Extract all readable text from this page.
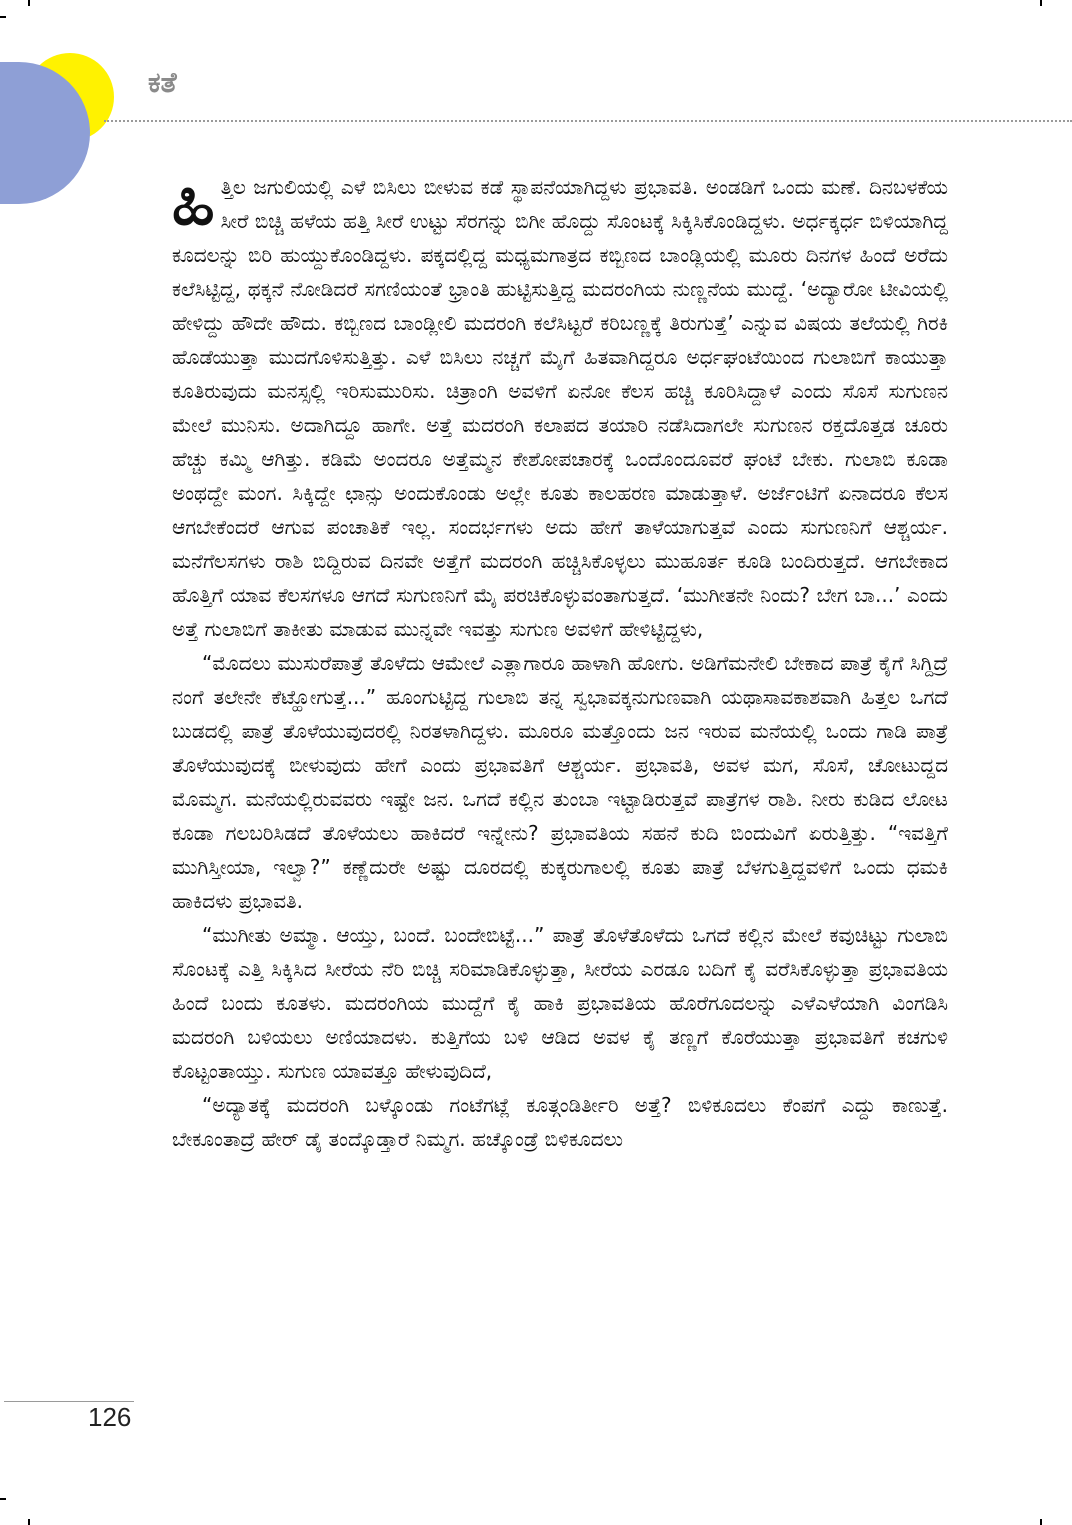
ಕತೆ

ಹಿತ್ತಿಲ ಜಗುಲಿಯಲ್ಲಿ ಎಳೆ ಬಿಸಿಲು ಬೀಳುವ ಕಡೆ ಸ್ಥಾಪನೆಯಾಗಿದ್ದಳು ಪ್ರಭಾವತಿ. ಅಂಡಡಿಗೆ ಒಂದು ಮಣೆ. ದಿನಬಳಕೆಯ ಸೀರೆ ಬಿಚ್ಚಿ ಹಳೆಯ ಹತ್ತಿ ಸೀರೆ ಉಟ್ಟು ಸೆರಗನ್ನು ಬಿಗೀ ಹೊದ್ದು ಸೊಂಟಕ್ಕೆ ಸಿಕ್ಕಿಸಿಕೊಂಡಿದ್ದಳು. ಅರ್ಧಕ್ಕರ್ಧ ಬಿಳಿಯಾಗಿದ್ದ ಕೂದಲನ್ನು ಬಿರಿ ಹುಯ್ದುಕೊಂಡಿದ್ದಳು. ಪಕ್ಕದಲ್ಲಿದ್ದ ಮಧ್ಯಮಗಾತ್ರದ ಕಬ್ಬಿಣದ ಬಾಂಡ್ಲಿಯಲ್ಲಿ ಮೂರು ದಿನಗಳ ಹಿಂದೆ ಅರೆದು ಕಲೆಸಿಟ್ಟಿದ್ದ, ಥಕ್ಕನೆ ನೋಡಿದರೆ ಸಗಣಿಯಂತೆ ಭ್ರಾಂತಿ ಹುಟ್ಟಿಸುತ್ತಿದ್ದ ಮದರಂಗಿಯ ನುಣ್ಣನೆಯ ಮುದ್ದೆ. ‘ಅದ್ಯಾರೋ ಟೀವಿಯಲ್ಲಿ ಹೇಳಿದ್ದು ಹೌದೇ ಹೌದು. ಕಬ್ಬಿಣದ ಬಾಂಡ್ಲೀಲಿ ಮದರಂಗಿ ಕಲೆಸಿಟ್ಟರೆ ಕರಿಬಣ್ಣಕ್ಕೆ ತಿರುಗುತ್ತೆ’ ಎನ್ನುವ ವಿಷಯ ತಲೆಯಲ್ಲಿ ಗಿರಕಿ ಹೊಡೆಯುತ್ತಾ ಮುದಗೊಳಿಸುತ್ತಿತ್ತು. ಎಳೆ ಬಿಸಿಲು ನಚ್ಚಗೆ ಮೈಗೆ ಹಿತವಾಗಿದ್ದರೂ ಅರ್ಧಘಂಟೆಯಿಂದ ಗುಲಾಬಿಗೆ ಕಾಯುತ್ತಾ ಕೂತಿರುವುದು ಮನಸ್ಸಲ್ಲಿ ಇರಿಸುಮುರಿಸು. ಚಿತ್ರಾಂಗಿ ಅವಳಿಗೆ ಏನೋ ಕೆಲಸ ಹಚ್ಚಿ ಕೂರಿಸಿದ್ದಾಳೆ ಎಂದು ಸೊಸೆ ಸುಗುಣನ ಮೇಲೆ ಮುನಿಸು. ಅದಾಗಿದ್ದೂ ಹಾಗೇ. ಅತ್ತೆ ಮದರಂಗಿ ಕಲಾಪದ ತಯಾರಿ ನಡೆಸಿದಾಗಲೇ ಸುಗುಣನ ರಕ್ತದೊತ್ತಡ ಚೂರು ಹೆಚ್ಚು ಕಮ್ಮಿ ಆಗಿತ್ತು. ಕಡಿಮೆ ಅಂದರೂ ಅತ್ತೆಮ್ಮನ ಕೇಶೋಪಚಾರಕ್ಕೆ ಒಂದೊಂದೂವರೆ ಘಂಟೆ ಬೇಕು. ಗುಲಾಬಿ ಕೂಡಾ ಅಂಥದ್ದೇ ಮಂಗ. ಸಿಕ್ಕಿದ್ದೇ ಛಾನ್ಸು ಅಂದುಕೊಂಡು ಅಲ್ಲೇ ಕೂತು ಕಾಲಹರಣ ಮಾಡುತ್ತಾಳೆ. ಅರ್ಜೆಂಟಿಗೆ ಏನಾದರೂ ಕೆಲಸ ಆಗಬೇಕೆಂದರೆ ಆಗುವ ಪಂಚಾತಿಕೆ ಇಲ್ಲ. ಸಂದರ್ಭಗಳು ಅದು ಹೇಗೆ ತಾಳೆಯಾಗುತ್ತವೆ ಎಂದು ಸುಗುಣನಿಗೆ ಆಶ್ಚರ್ಯ. ಮನೆಗೆಲಸಗಳು ರಾಶಿ ಬಿದ್ದಿರುವ ದಿನವೇ ಅತ್ತೆಗೆ ಮದರಂಗಿ ಹಚ್ಚಿಸಿಕೊಳ್ಳಲು ಮುಹೂರ್ತ ಕೂಡಿ ಬಂದಿರುತ್ತದೆ. ಆಗಬೇಕಾದ ಹೊತ್ತಿಗೆ ಯಾವ ಕೆಲಸಗಳೂ ಆಗದೆ ಸುಗುಣನಿಗೆ ಮೈ ಪರಚಿಕೊಳ್ಳುವಂತಾಗುತ್ತದೆ. ‘ಮುಗೀತನೇ ನಿಂದು? ಬೇಗ ಬಾ...’ ಎಂದು ಅತ್ತೆ ಗುಲಾಬಿಗೆ ತಾಕೀತು ಮಾಡುವ ಮುನ್ನವೇ ಇವತ್ತು ಸುಗುಣ ಅವಳಿಗೆ ಹೇಳಿಟ್ಟಿದ್ದಳು,

“ಮೊದಲು ಮುಸುರೆಪಾತ್ರೆ ತೊಳೆದು ಆಮೇಲೆ ಎತ್ಲಾಗಾರೂ ಹಾಳಾಗಿ ಹೋಗು. ಅಡಿಗೆಮನೇಲಿ ಬೇಕಾದ ಪಾತ್ರೆ ಕೈಗೆ ಸಿಗ್ದಿದ್ರೆ ನಂಗೆ ತಲೇನೇ ಕೆಟ್ಹೋಗುತ್ತೆ...” ಹೂಂಗುಟ್ಟಿದ್ದ ಗುಲಾಬಿ ತನ್ನ ಸ್ವಭಾವಕ್ಕನುಗುಣವಾಗಿ ಯಥಾಸಾವಕಾಶವಾಗಿ ಹಿತ್ತಲ ಒಗದೆ ಬುಡದಲ್ಲಿ ಪಾತ್ರೆ ತೊಳೆಯುವುದರಲ್ಲಿ ನಿರತಳಾಗಿದ್ದಳು. ಮೂರೂ ಮತ್ತೊಂದು ಜನ ಇರುವ ಮನೆಯಲ್ಲಿ ಒಂದು ಗಾಡಿ ಪಾತ್ರೆ ತೊಳೆಯುವುದಕ್ಕೆ ಬೀಳುವುದು ಹೇಗೆ ಎಂದು ಪ್ರಭಾವತಿಗೆ ಆಶ್ಚರ್ಯ. ಪ್ರಭಾವತಿ, ಅವಳ ಮಗ, ಸೊಸೆ, ಚೋಟುದ್ದದ ಮೊಮ್ಮಗ. ಮನೆಯಲ್ಲಿರುವವರು ಇಷ್ಟೇ ಜನ. ಒಗದೆ ಕಲ್ಲಿನ ತುಂಬಾ ಇಟ್ಟಾಡಿರುತ್ತವೆ ಪಾತ್ರೆಗಳ ರಾಶಿ. ನೀರು ಕುಡಿದ ಲೋಟ ಕೂಡಾ ಗಲಬರಿಸಿಡದೆ ತೊಳೆಯಲು ಹಾಕಿದರೆ ಇನ್ನೇನು? ಪ್ರಭಾವತಿಯ ಸಹನೆ ಕುದಿ ಬಿಂದುವಿಗೆ ಏರುತ್ತಿತ್ತು. “ಇವತ್ತಿಗೆ ಮುಗಿಸ್ತೀಯಾ, ಇಲ್ವಾ?” ಕಣ್ಣೆದುರೇ ಅಷ್ಟು ದೂರದಲ್ಲಿ ಕುಕ್ಕರುಗಾಲಲ್ಲಿ ಕೂತು ಪಾತ್ರೆ ಬೆಳಗುತ್ತಿದ್ದವಳಿಗೆ ಒಂದು ಧಮಕಿ ಹಾಕಿದಳು ಪ್ರಭಾವತಿ.

“ಮುಗೀತು ಅಮ್ಮಾ. ಆಯ್ತು, ಬಂದೆ. ಬಂದೇಬಿಟ್ಟೆ...” ಪಾತ್ರೆ ತೊಳೆತೊಳೆದು ಒಗದೆ ಕಲ್ಲಿನ ಮೇಲೆ ಕವುಚಿಟ್ಟು ಗುಲಾಬಿ ಸೊಂಟಕ್ಕೆ ಎತ್ತಿ ಸಿಕ್ಕಿಸಿದ ಸೀರೆಯ ನೆರಿ ಬಿಚ್ಚಿ ಸರಿಮಾಡಿಕೊಳ್ಳುತ್ತಾ, ಸೀರೆಯ ಎರಡೂ ಬದಿಗೆ ಕೈ ವರೆಸಿಕೊಳ್ಳುತ್ತಾ ಪ್ರಭಾವತಿಯ ಹಿಂದೆ ಬಂದು ಕೂತಳು. ಮದರಂಗಿಯ ಮುದ್ದೆಗೆ ಕೈ ಹಾಕಿ ಪ್ರಭಾವತಿಯ ಹೊರೆಗೂದಲನ್ನು ಎಳೆಎಳೆಯಾಗಿ ವಿಂಗಡಿಸಿ ಮದರಂಗಿ ಬಳಿಯಲು ಅಣಿಯಾದಳು. ಕುತ್ತಿಗೆಯ ಬಳಿ ಆಡಿದ ಅವಳ ಕೈ ತಣ್ಣಗೆ ಕೊರೆಯುತ್ತಾ ಪ್ರಭಾವತಿಗೆ ಕಚಗುಳಿ ಕೊಟ್ಟಂತಾಯ್ತು. ಸುಗುಣ ಯಾವತ್ತೂ ಹೇಳುವುದಿದೆ,

“ಅದ್ಯಾತಕ್ಕೆ ಮದರಂಗಿ ಬಳ್ಕೊಂಡು ಗಂಟೆಗಟ್ಲೆ ಕೂತ್ಗಂಡಿರ್ತೀರಿ ಅತ್ತೆ? ಬಿಳಿಕೂದಲು ಕೆಂಪಗೆ ಎದ್ದು ಕಾಣುತ್ತೆ. ಬೇಕೂಂತಾದ್ರೆ ಹೇರ್ ಡೈ ತಂದ್ಕೊಡ್ತಾರೆ ನಿಮ್ಮಗ. ಹಚ್ಕೊಂಡ್ರೆ ಬಿಳಿಕೂದಲು

126
